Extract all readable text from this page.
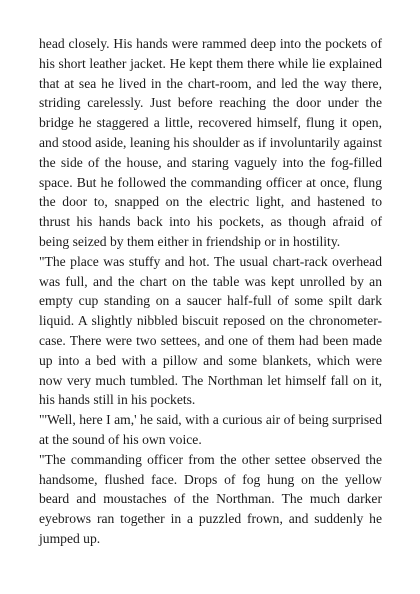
head closely. His hands were rammed deep into the pockets of his short leather jacket. He kept them there while lie explained that at sea he lived in the chart-room, and led the way there, striding carelessly. Just before reaching the door under the bridge he staggered a little, recovered himself, flung it open, and stood aside, leaning his shoulder as if involuntarily against the side of the house, and staring vaguely into the fog-filled space. But he followed the commanding officer at once, flung the door to, snapped on the electric light, and hastened to thrust his hands back into his pockets, as though afraid of being seized by them either in friendship or in hostility.

"The place was stuffy and hot. The usual chart-rack overhead was full, and the chart on the table was kept unrolled by an empty cup standing on a saucer half-full of some spilt dark liquid. A slightly nibbled biscuit reposed on the chronometer-case. There were two settees, and one of them had been made up into a bed with a pillow and some blankets, which were now very much tumbled. The Northman let himself fall on it, his hands still in his pockets.

"'Well, here I am,' he said, with a curious air of being surprised at the sound of his own voice.

"The commanding officer from the other settee observed the handsome, flushed face. Drops of fog hung on the yellow beard and moustaches of the Northman. The much darker eyebrows ran together in a puzzled frown, and suddenly he jumped up.
